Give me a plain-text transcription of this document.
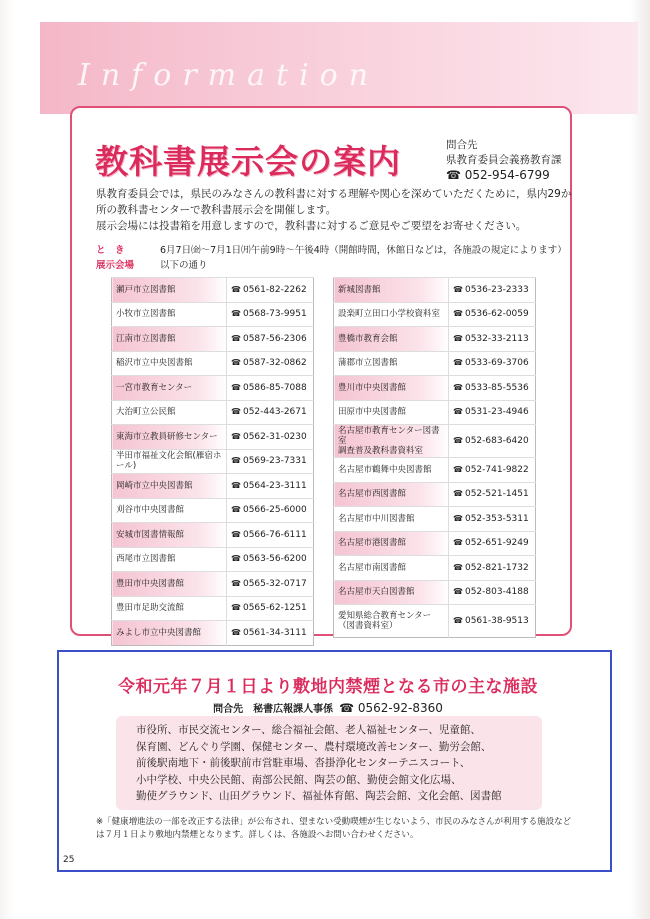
Information
教科書展示会の案内	問合先
県教育委員会義務教育課
☎ 052-954-6799

県教育委員会では，県民のみなさんの教科書に対する理解や関心を深めていただくために，県内29か所の教科書センターで教科書展示会を開催します。

展示会場には投書箱を用意しますので，教科書に対するご意見やご要望をお寄せください。

と　き	6月7日㈮～7月1日㈪午前9時～午後4時（開館時間，休館日などは，各施設の規定によります）
展示会場	以下の通り
瀬戸市立図書館	☎ 0561-82-2262
小牧市立図書館	☎ 0568-73-9951
江南市立図書館	☎ 0587-56-2306
稲沢市立中央図書館	☎ 0587-32-0862
一宮市教育センター	☎ 0586-85-7088
大治町立公民館	☎ 052-443-2671
東海市立教員研修センター	☎ 0562-31-0230
半田市福祉文化会館(雁宿ホール)	☎ 0569-23-7331
岡崎市立中央図書館	☎ 0564-23-3111
刈谷市中央図書館	☎ 0566-25-6000
安城市図書情報館	☎ 0566-76-6111
西尾市立図書館	☎ 0563-56-6200
豊田市中央図書館	☎ 0565-32-0717
豊田市足助交流館	☎ 0565-62-1251
みよし市立中央図書館	☎ 0561-34-3111
新城図書館	☎ 0536-23-2333
設楽町立田口小学校資料室	☎ 0536-62-0059
豊橋市教育会館	☎ 0532-33-2113
蒲郡市立図書館	☎ 0533-69-3706
豊川市中央図書館	☎ 0533-85-5536
田原市中央図書館	☎ 0531-23-4946
名古屋市教育センター図書室
調査普及教科書資料室	☎ 052-683-6420
名古屋市鶴舞中央図書館	☎ 052-741-9822
名古屋市西図書館	☎ 052-521-1451
名古屋市中川図書館	☎ 052-353-5311
名古屋市港図書館	☎ 052-651-9249
名古屋市南図書館	☎ 052-821-1732
名古屋市天白図書館	☎ 052-803-4188
愛知県総合教育センター
（図書資料室）	☎ 0561-38-9513
令和元年７月１日より敷地内禁煙となる市の主な施設
問合先　秘書広報課人事係 ☎ 0562-92-8360
市役所、市民交流センター、総合福祉会館、老人福祉センター、児童館、
保育園、どんぐり学園、保健センター、農村環境改善センター、勤労会館、
前後駅南地下・前後駅前市営駐車場、沓掛浄化センターテニスコート、
小中学校、中央公民館、南部公民館、陶芸の館、勤使会館文化広場、
勤使グラウンド、山田グラウンド、福祉体育館、陶芸会館、文化会館、図書館
※「健康増進法の一部を改正する法律」が公布され、望まない受動喫煙が生じないよう、市民のみなさんが利用する施設などは７月１日より敷地内禁煙となります。詳しくは、各施設へお問い合わせください。
25
